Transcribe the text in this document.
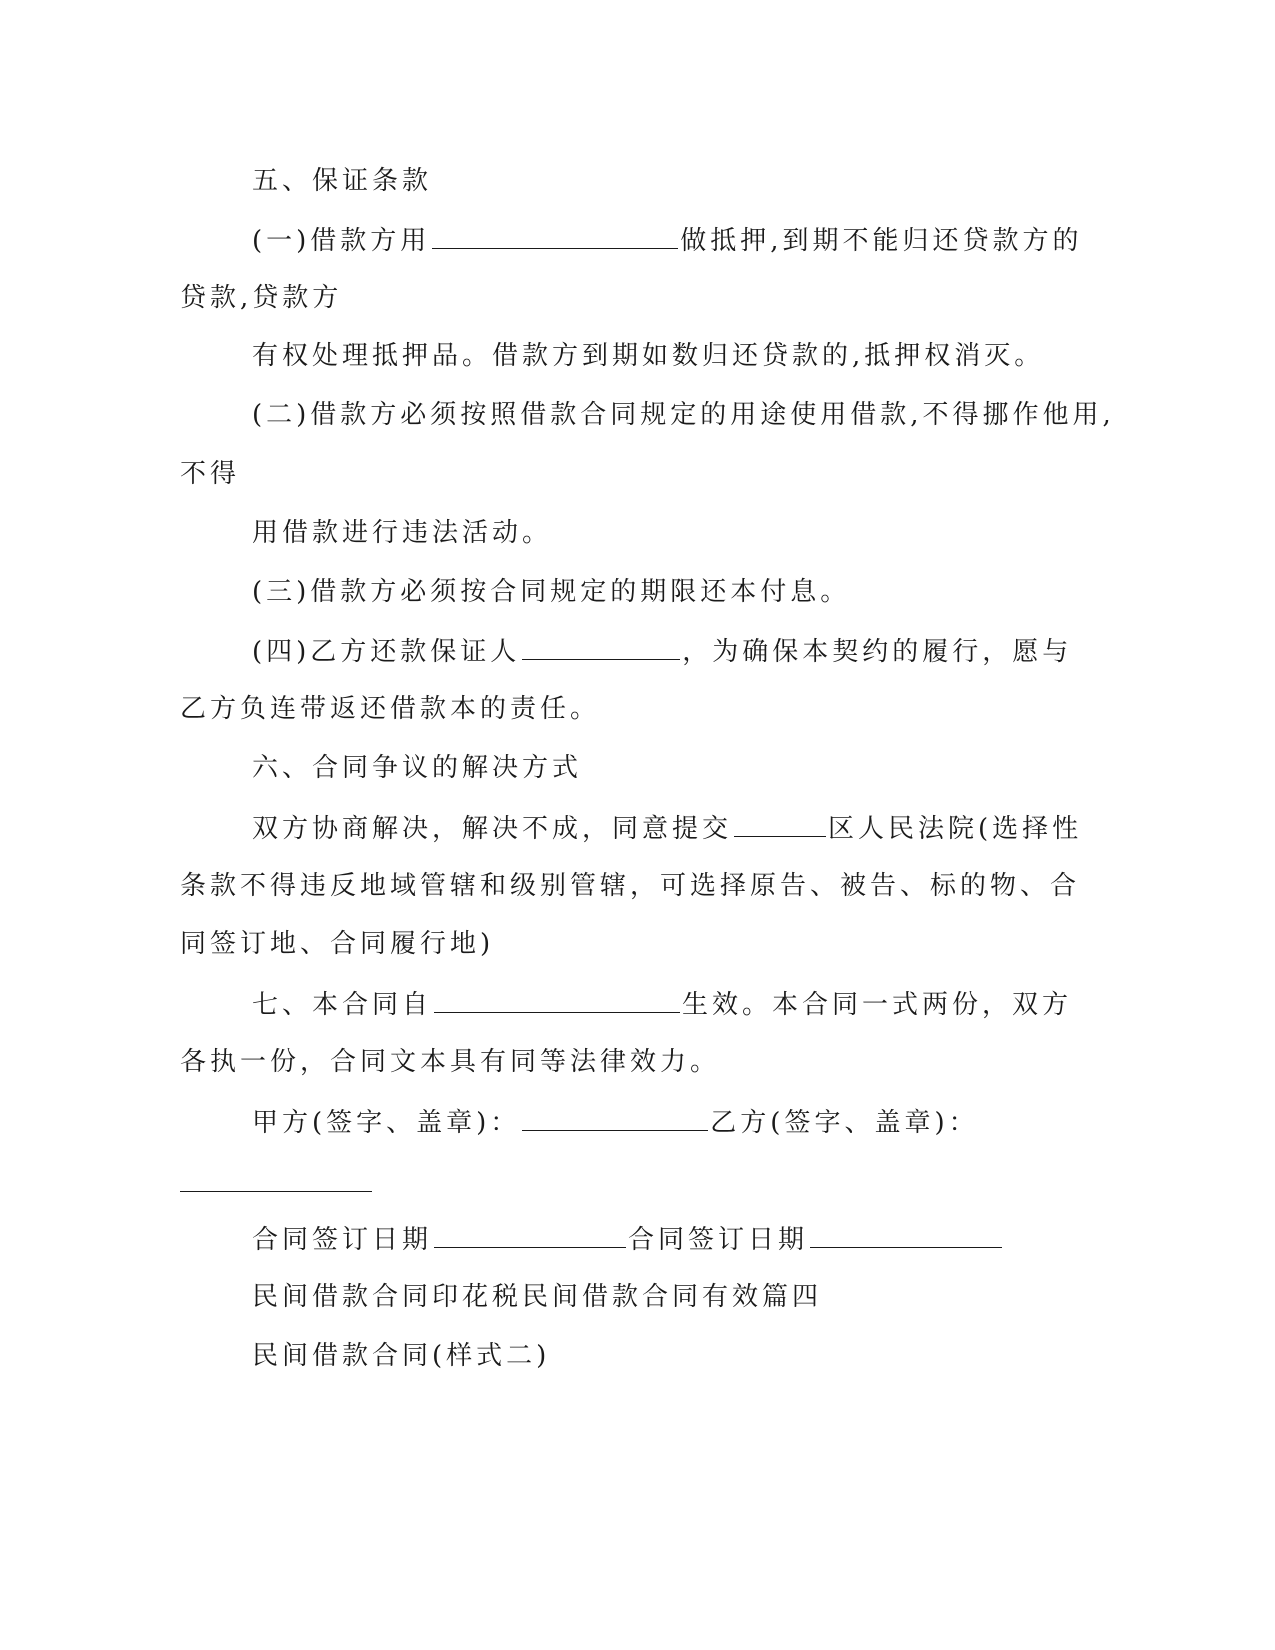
五、保证条款
(一)借款方用	做抵押,到期不能归还贷款方的
贷款,贷款方
有权处理抵押品。借款方到期如数归还贷款的,抵押权消灭。
(二)借款方必须按照借款合同规定的用途使用借款,不得挪作他用,
不得
用借款进行违法活动。
(三)借款方必须按合同规定的期限还本付息。
(四)乙方还款保证人	，为确保本契约的履行，愿与
乙方负连带返还借款本的责任。
六、合同争议的解决方式
双方协商解决，解决不成，同意提交	区人民法院(选择性
条款不得违反地域管辖和级别管辖，可选择原告、被告、标的物、合
同签订地、合同履行地)
七、本合同自	生效。本合同一式两份，双方
各执一份，合同文本具有同等法律效力。
甲方(签字、盖章)：	乙方(签字、盖章)：
合同签订日期	合同签订日期
民间借款合同印花税民间借款合同有效篇四
民间借款合同(样式二)
